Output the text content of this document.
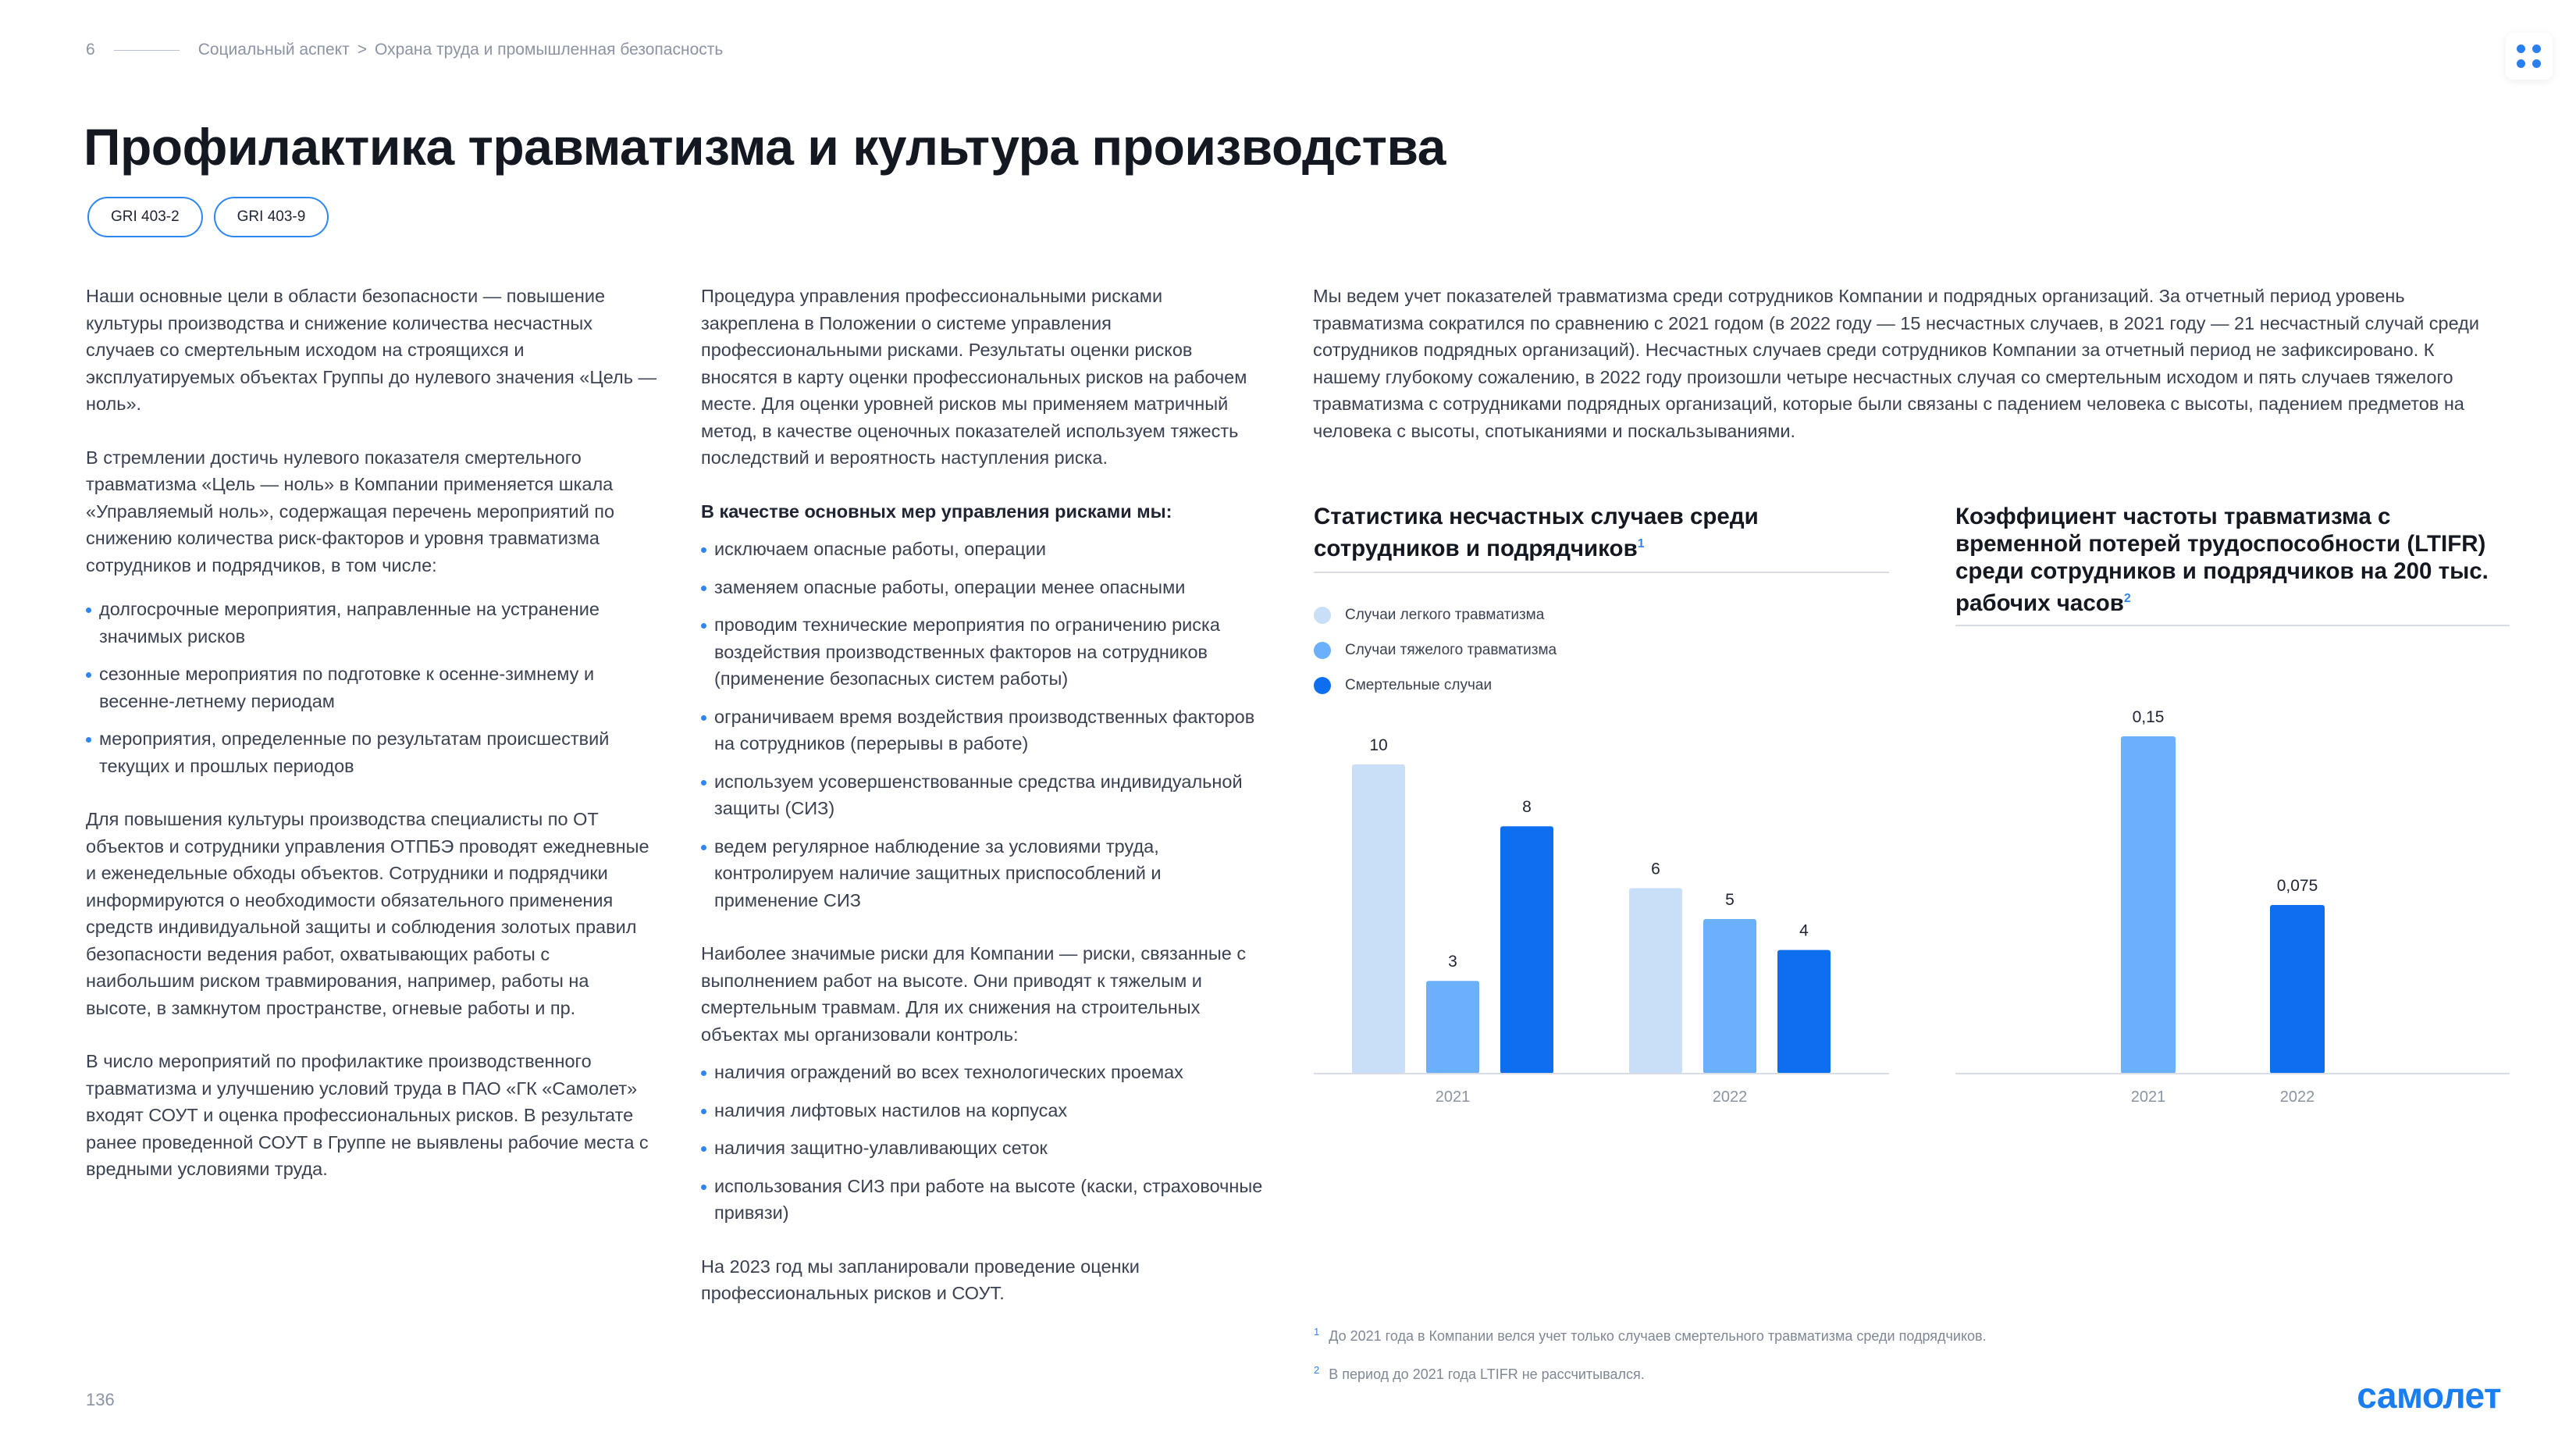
6	Социальный аспект > Охрана труда и промышленная безопасность
Профилактика травматизма и культура производства
GRI 403-2	GRI 403-9

Наши основные цели в области безопасности — повышение культуры производства и снижение количества несчастных случаев со смертельным исходом на строящихся и эксплуатируемых объектах Группы до нулевого значения «Цель — ноль».

В стремлении достичь нулевого показателя смертельного травматизма «Цель — ноль» в Компании применяется шкала «Управляемый ноль», содержащая перечень мероприятий по снижению количества риск-факторов и уровня травматизма сотрудников и подрядчиков, в том числе:

долгосрочные мероприятия, направленные на устранение значимых рисков
сезонные мероприятия по подготовке к осенне-зимнему и весенне-летнему периодам
мероприятия, определенные по результатам происшествий текущих и прошлых периодов

Для повышения культуры производства специалисты по ОТ объектов и сотрудники управления ОТПБЭ проводят ежедневные и еженедельные обходы объектов. Сотрудники и подрядчики информируются о необходимости обязательного применения средств индивидуальной защиты и соблюдения золотых правил безопасности ведения работ, охватывающих работы с наибольшим риском травмирования, например, работы на высоте, в замкнутом пространстве, огневые работы и пр.

В число мероприятий по профилактике производственного травматизма и улучшению условий труда в ПАО «ГК «Самолет» входят СОУТ и оценка профессиональных рисков. В результате ранее проведенной СОУТ в Группе не выявлены рабочие места с вредными условиями труда.

Процедура управления профессиональными рисками закреплена в Положении о системе управления профессиональными рисками. Результаты оценки рисков вносятся в карту оценки профессиональных рисков на рабочем месте. Для оценки уровней рисков мы применяем матричный метод, в качестве оценочных показателей используем тяжесть последствий и вероятность наступления риска.

В качестве основных мер управления рисками мы:

исключаем опасные работы, операции
заменяем опасные работы, операции менее опасными
проводим технические мероприятия по ограничению риска воздействия производственных факторов на сотрудников (применение безопасных систем работы)
ограничиваем время воздействия производственных факторов на сотрудников (перерывы в работе)
используем усовершенствованные средства индивидуальной защиты (СИЗ)
ведем регулярное наблюдение за условиями труда, контролируем наличие защитных приспособлений и применение СИЗ

Наиболее значимые риски для Компании — риски, связанные с выполнением работ на высоте. Они приводят к тяжелым и смертельным травмам. Для их снижения на строительных объектах мы организовали контроль:

наличия ограждений во всех технологических проемах
наличия лифтовых настилов на корпусах
наличия защитно-улавливающих сеток
использования СИЗ при работе на высоте (каски, страховочные привязи)

На 2023 год мы запланировали проведение оценки профессиональных рисков и СОУТ.

Мы ведем учет показателей травматизма среди сотрудников Компании и подрядных организаций. За отчетный период уровень травматизма сократился по сравнению с 2021 годом (в 2022 году — 15 несчастных случаев, в 2021 году — 21 несчастный случай среди сотрудников подрядных организаций). Несчастных случаев среди сотрудников Компании за отчетный период не зафиксировано. К нашему глубокому сожалению, в 2022 году произошли четыре несчастных случая со смертельным исходом и пять случаев тяжелого травматизма с сотрудниками подрядных организаций, которые были связаны с падением человека с высоты, падением предметов на человека с высоты, спотыканиями и поскальзываниями.

Статистика несчастных случаев среди сотрудников и подрядчиков$^1$
Случаи легкого травматизма
Случаи тяжелого травматизма
Смертельные случаи
10
3
8
2021
6
5
4
2022
Коэффициент частоты травматизма с временной потерей трудоспособности (LTIFR) среди сотрудников и подрядчиков на 200 тыс. рабочих часов$^2$
0,15
2021
0,075
2022
$^1$ До 2021 года в Компании велся учет только случаев смертельного травматизма среди подрядчиков.
$^2$ В период до 2021 года LTIFR не рассчитывался.
136	самолет
